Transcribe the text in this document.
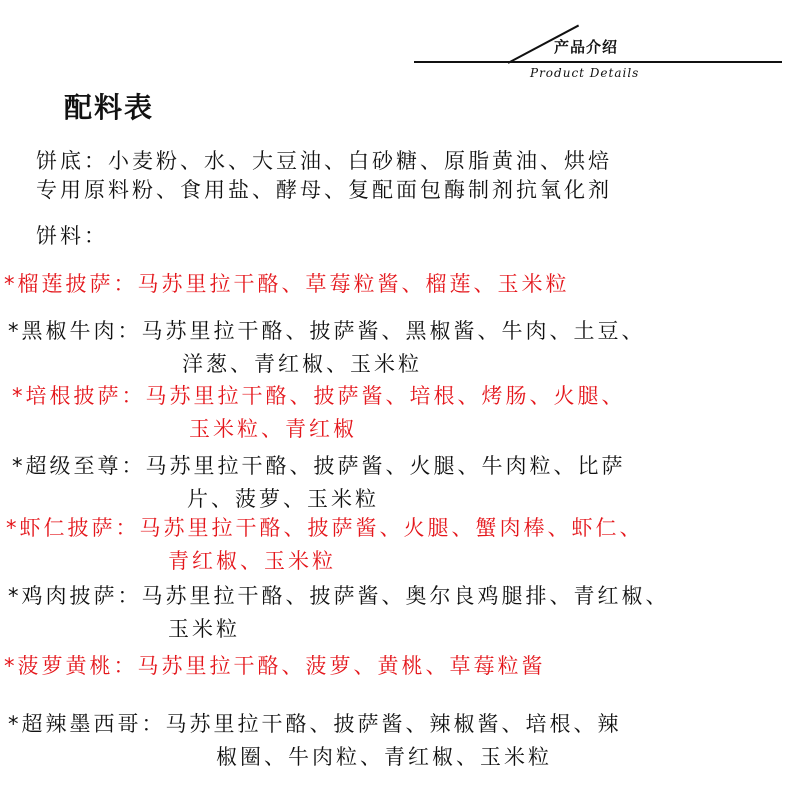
产品介绍
Product Details
配料表
饼底：小麦粉、水、大豆油、白砂糖、原脂黄油、烘焙
专用原料粉、食用盐、酵母、复配面包酶制剂抗氧化剂
饼料：
*榴莲披萨：马苏里拉干酪、草莓粒酱、榴莲、玉米粒
*黑椒牛肉：马苏里拉干酪、披萨酱、黑椒酱、牛肉、土豆、
洋葱、青红椒、玉米粒
*培根披萨：马苏里拉干酪、披萨酱、培根、烤肠、火腿、
玉米粒、青红椒
*超级至尊：马苏里拉干酪、披萨酱、火腿、牛肉粒、比萨
片、菠萝、玉米粒
*虾仁披萨：马苏里拉干酪、披萨酱、火腿、蟹肉棒、虾仁、
青红椒、玉米粒
*鸡肉披萨：马苏里拉干酪、披萨酱、奥尔良鸡腿排、青红椒、
玉米粒
*菠萝黄桃：马苏里拉干酪、菠萝、黄桃、草莓粒酱
*超辣墨西哥：马苏里拉干酪、披萨酱、辣椒酱、培根、辣
椒圈、牛肉粒、青红椒、玉米粒
